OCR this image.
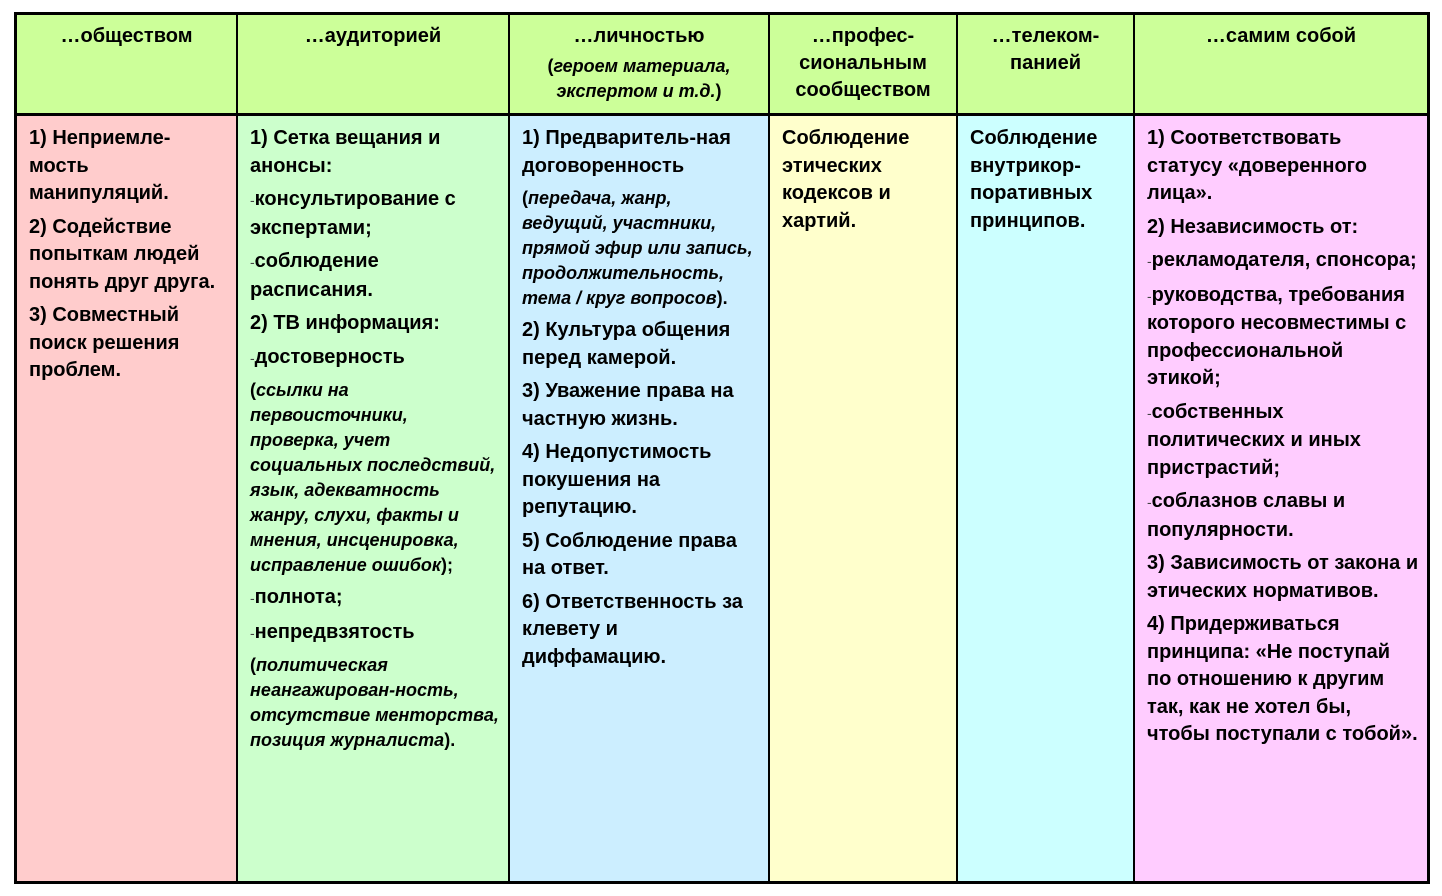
…обществом	…аудиторией	…личностью
(героем материала, экспертом и т.д.)
…профес-
сиональным
сообществом
…телеком-
панией
…самим собой

1) Неприемле-мость манипуляций.

2) Содействие попыткам людей понять друг друга.

3) Совместный поиск решения проблем.

1) Сетка вещания и анонсы:

-консультирование с экспертами;

-соблюдение расписания.

2) ТВ информация:

-достоверность

(ссылки на первоисточники, проверка, учет социальных последствий, язык, адекватность жанру, слухи, факты и мнения, инсценировка, исправление ошибок);

-полнота;

-непредвзятость

(политическая неангажирован-ность, отсутствие менторства, позиция журналиста).

1) Предваритель-ная договоренность

(передача, жанр, ведущий, участники, прямой эфир или запись, продолжительность, тема / круг вопросов).

2) Культура общения перед камерой.

3) Уважение права на частную жизнь.

4) Недопустимость покушения на репутацию.

5) Соблюдение права на ответ.

6) Ответственность за клевету и диффамацию.

Соблюдение этических кодексов и хартий.

Соблюдение внутрикор-поративных принципов.

1) Соответствовать статусу «доверенного лица».

2) Независимость от:

-рекламодателя, спонсора;

-руководства, требования которого несовместимы с профессиональной этикой;

-собственных политических и иных пристрастий;

-соблазнов славы и популярности.

3) Зависимость от закона и этических нормативов.

4) Придерживаться принципа: «Не поступай по отношению к другим так, как не хотел бы, чтобы поступали с тобой».
